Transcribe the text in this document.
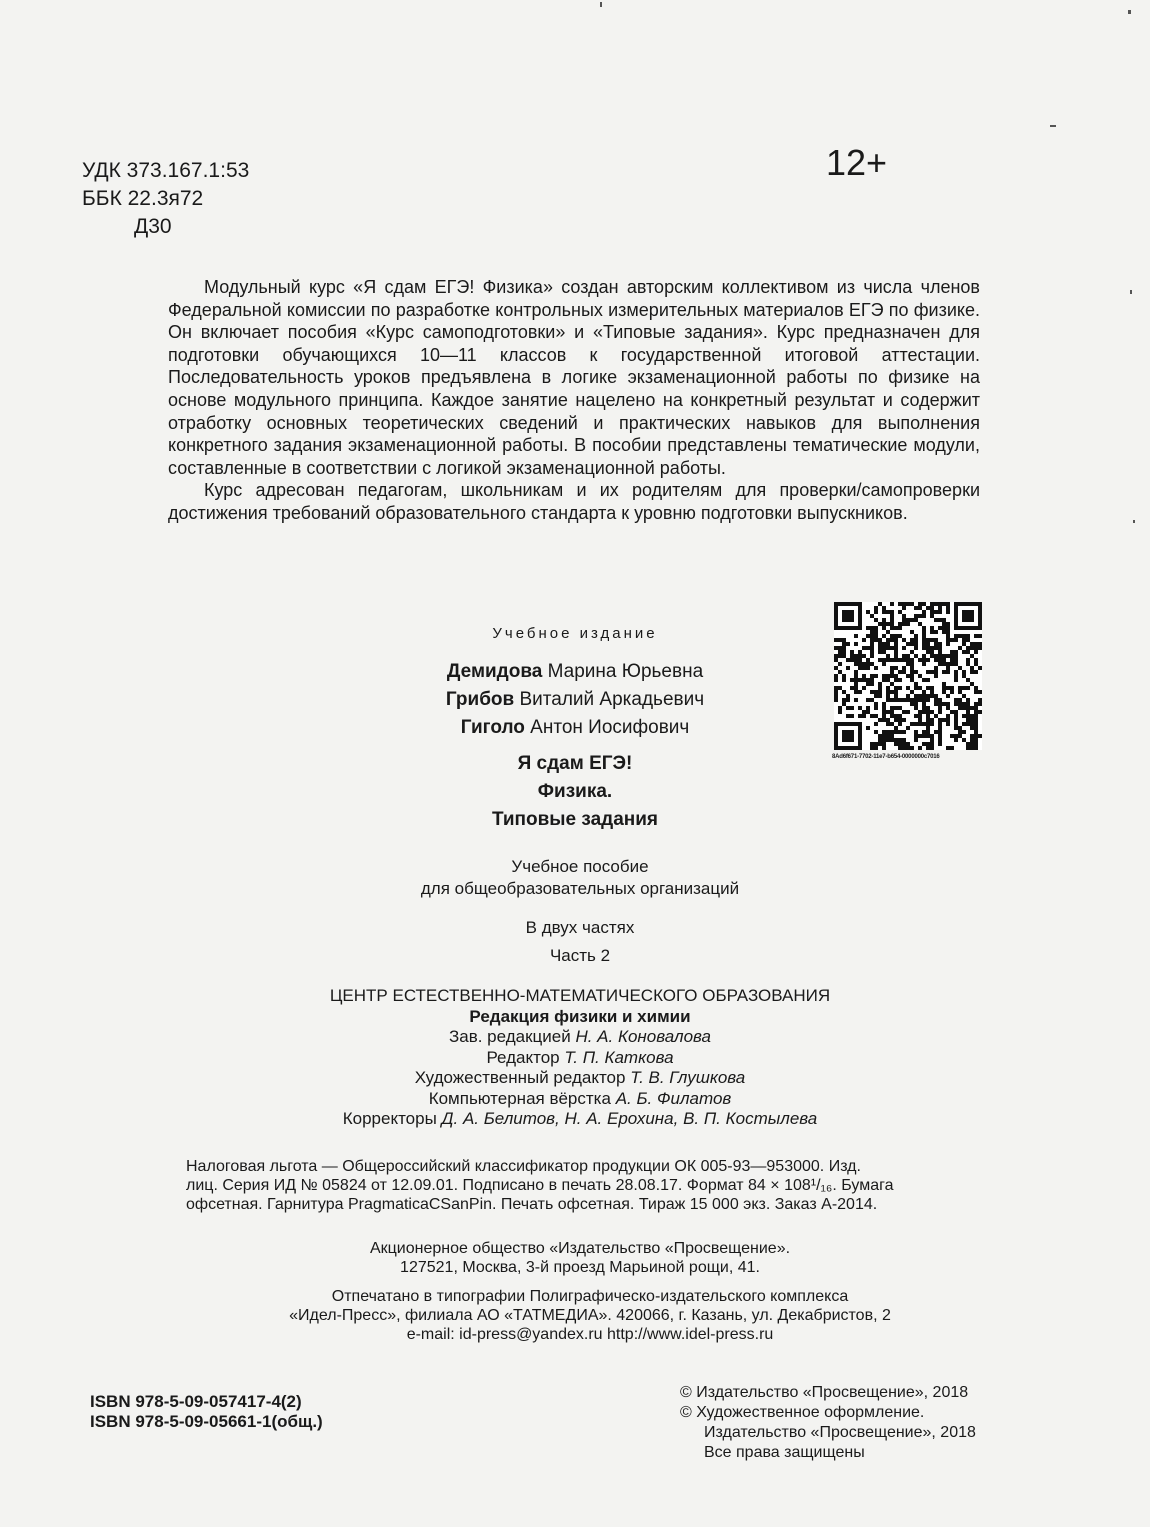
УДК 373.167.1:53
ББК 22.3я72
Д30
12+

Модульный курс «Я сдам ЕГЭ! Физика» создан авторским коллективом из числа членов Федеральной комиссии по разработке контрольных измерительных материалов ЕГЭ по физике. Он включает пособия «Курс самоподготовки» и «Типовые задания». Курс предназначен для подготовки обучающихся 10—11 классов к государственной итоговой аттестации. Последовательность уроков предъявлена в логике экзаменационной работы по физике на основе модульного принципа. Каждое занятие нацелено на конкретный результат и содержит отработку основных теоретических сведений и практических навыков для выполнения конкретного задания экзаменационной работы. В пособии представлены тематические модули, составленные в соответствии с логикой экзаменационной работы.

Курс адресован педагогам, школьникам и их родителям для проверки/самопроверки достижения требований образовательного стандарта к уровню подготовки выпускников.

Учебное издание
Демидова Марина Юрьевна
Грибов Виталий Аркадьевич
Гиголо Антон Иосифович
Я сдам ЕГЭ!
Физика.
Типовые задания
Учебное пособие
для общеобразовательных организаций
В двух частях
Часть 2
ЦЕНТР ЕСТЕСТВЕННО-МАТЕМАТИЧЕСКОГО ОБРАЗОВАНИЯ
Редакция физики и химии
Зав. редакцией Н. А. Коновалова
Редактор Т. П. Каткова
Художественный редактор Т. В. Глушкова
Компьютерная вёрстка А. Б. Филатов
Корректоры Д. А. Белитов, Н. А. Ерохина, В. П. Костылева
Налоговая льгота — Общероссийский классификатор продукции ОК 005-93—953000. Изд.
лиц. Серия ИД № 05824 от 12.09.01. Подписано в печать 28.08.17. Формат 84 × 108¹/₁₆. Бумага
офсетная. Гарнитура PragmaticaCSanPin. Печать офсетная. Тираж 15 000 экз. Заказ А-2014.
Акционерное общество «Издательство «Просвещение».
127521, Москва, 3-й проезд Марьиной рощи, 41.
Отпечатано в типографии Полиграфическо-издательского комплекса
«Идел-Пресс», филиала АО «ТАТМЕДИА». 420066, г. Казань, ул. Декабристов, 2
e-mail: id-press@yandex.ru http://www.idel-press.ru
ISBN 978-5-09-057417-4(2)
ISBN 978-5-09-05661-1(общ.)
© Издательство «Просвещение», 2018
© Художественное оформление.
Издательство «Просвещение», 2018
Все права защищены
8Ad6f671-7702-11e7-b654-0000000c7016
